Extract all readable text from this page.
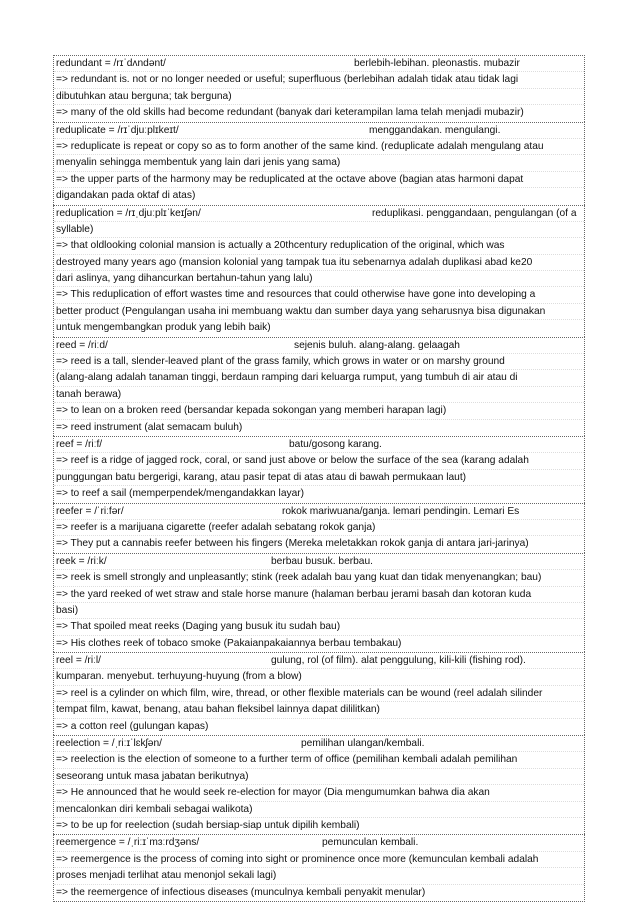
redundant = /rɪˈdʌndənt/	berlebih-lebihan. pleonastis. mubazir
=> redundant is. not or no longer needed or useful; superfluous (berlebihan adalah tidak atau tidak lagi
dibutuhkan atau berguna; tak berguna)
=> many of the old skills had become redundant (banyak dari keterampilan lama telah menjadi mubazir)
reduplicate = /rɪˈdjuːplɪkeɪt/	menggandakan. mengulangi.
=> reduplicate is repeat or copy so as to form another of the same kind. (reduplicate adalah mengulang atau
menyalin sehingga membentuk yang lain dari jenis yang sama)
=> the upper parts of the harmony may be reduplicated at the octave above (bagian atas harmoni dapat
digandakan pada oktaf di atas)
reduplication = /rɪˌdjuːplɪˈkeɪʃən/	reduplikasi. penggandaan, pengulangan (of a
syllable)
=> that oldlooking colonial mansion is actually a 20thcentury reduplication of the original, which was
destroyed many years ago (mansion kolonial yang tampak tua itu sebenarnya adalah duplikasi abad ke20
dari aslinya, yang dihancurkan bertahun-tahun yang lalu)
=> This reduplication of effort wastes time and resources that could otherwise have gone into developing a
better product (Pengulangan usaha ini membuang waktu dan sumber daya yang seharusnya bisa digunakan
untuk mengembangkan produk yang lebih baik)
reed = /riːd/	sejenis buluh. alang-alang. gelaagah
=> reed is a tall, slender-leaved plant of the grass family, which grows in water or on marshy ground
(alang-alang adalah tanaman tinggi, berdaun ramping dari keluarga rumput, yang tumbuh di air atau di
tanah berawa)
=> to lean on a broken reed (bersandar kepada sokongan yang memberi harapan lagi)
=> reed instrument (alat semacam buluh)
reef = /riːf/	batu/gosong karang.
=> reef is a ridge of jagged rock, coral, or sand just above or below the surface of the sea (karang adalah
punggungan batu bergerigi, karang, atau pasir tepat di atas atau di bawah permukaan laut)
=> to reef a sail (memperpendek/mengandakkan layar)
reefer = /ˈriːfər/	rokok mariwuana/ganja. lemari pendingin. Lemari Es
=> reefer is a marijuana cigarette (reefer adalah sebatang rokok ganja)
=> They put a cannabis reefer between his fingers (Mereka meletakkan rokok ganja di antara jari-jarinya)
reek = /riːk/	berbau busuk. berbau.
=> reek is smell strongly and unpleasantly; stink (reek adalah bau yang kuat dan tidak menyenangkan; bau)
=> the yard reeked of wet straw and stale horse manure (halaman berbau jerami basah dan kotoran kuda
basi)
=> That spoiled meat reeks (Daging yang busuk itu sudah bau)
=> His clothes reek of tobaco smoke (Pakaianpakaiannya berbau tembakau)
reel = /riːl/	gulung, rol (of film). alat penggulung, kili-kili (fishing rod).
kumparan. menyebut. terhuyung-huyung (from a blow)
=> reel is a cylinder on which film, wire, thread, or other flexible materials can be wound (reel adalah silinder
tempat film, kawat, benang, atau bahan fleksibel lainnya dapat dililitkan)
=> a cotton reel (gulungan kapas)
reelection = /ˌriːɪˈlɛkʃən/	pemilihan ulangan/kembali.
=> reelection is the election of someone to a further term of office (pemilihan kembali adalah pemilihan
seseorang untuk masa jabatan berikutnya)
=> He announced that he would seek re-election for mayor (Dia mengumumkan bahwa dia akan
mencalonkan diri kembali sebagai walikota)
=> to be up for reelection (sudah bersiap-siap untuk dipilih kembali)
reemergence = /ˌriːɪˈmɜːrdʒəns/	pemunculan kembali.
=> reemergence is the process of coming into sight or prominence once more (kemunculan kembali adalah
proses menjadi terlihat atau menonjol sekali lagi)
=> the reemergence of infectious diseases (munculnya kembali penyakit menular)
